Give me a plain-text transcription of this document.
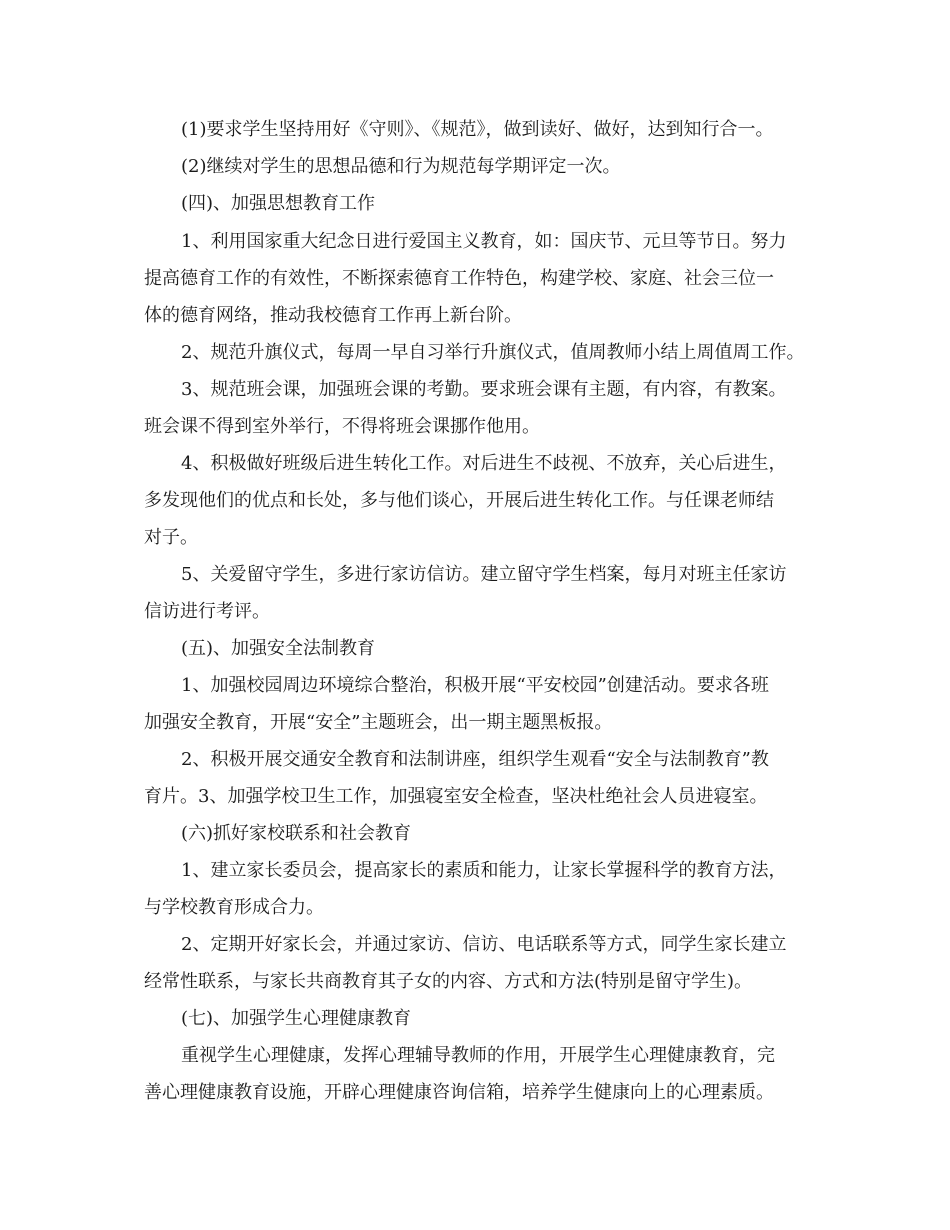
(1)要求学生坚持用好《守则》、《规范》，做到读好、做好，达到知行合一。
(2)继续对学生的思想品德和行为规范每学期评定一次。
(四)、加强思想教育工作
1、利用国家重大纪念日进行爱国主义教育，如：国庆节、元旦等节日。努力
提高德育工作的有效性，不断探索德育工作特色，构建学校、家庭、社会三位一
体的德育网络，推动我校德育工作再上新台阶。
2、规范升旗仪式，每周一早自习举行升旗仪式，值周教师小结上周值周工作。
3、规范班会课，加强班会课的考勤。要求班会课有主题，有内容，有教案。
班会课不得到室外举行，不得将班会课挪作他用。
4、积极做好班级后进生转化工作。对后进生不歧视、不放弃，关心后进生，
多发现他们的优点和长处，多与他们谈心，开展后进生转化工作。与任课老师结
对子。
5、关爱留守学生，多进行家访信访。建立留守学生档案，每月对班主任家访
信访进行考评。
(五)、加强安全法制教育
1、加强校园周边环境综合整治，积极开展“平安校园”创建活动。要求各班
加强安全教育，开展“安全”主题班会，出一期主题黑板报。
2、积极开展交通安全教育和法制讲座，组织学生观看“安全与法制教育”教
育片。3、加强学校卫生工作，加强寝室安全检查，坚决杜绝社会人员进寝室。
(六)抓好家校联系和社会教育
1、建立家长委员会，提高家长的素质和能力，让家长掌握科学的教育方法，
与学校教育形成合力。
2、定期开好家长会，并通过家访、信访、电话联系等方式，同学生家长建立
经常性联系，与家长共商教育其子女的内容、方式和方法(特别是留守学生)。
(七)、加强学生心理健康教育
重视学生心理健康，发挥心理辅导教师的作用，开展学生心理健康教育，完
善心理健康教育设施，开辟心理健康咨询信箱，培养学生健康向上的心理素质。
